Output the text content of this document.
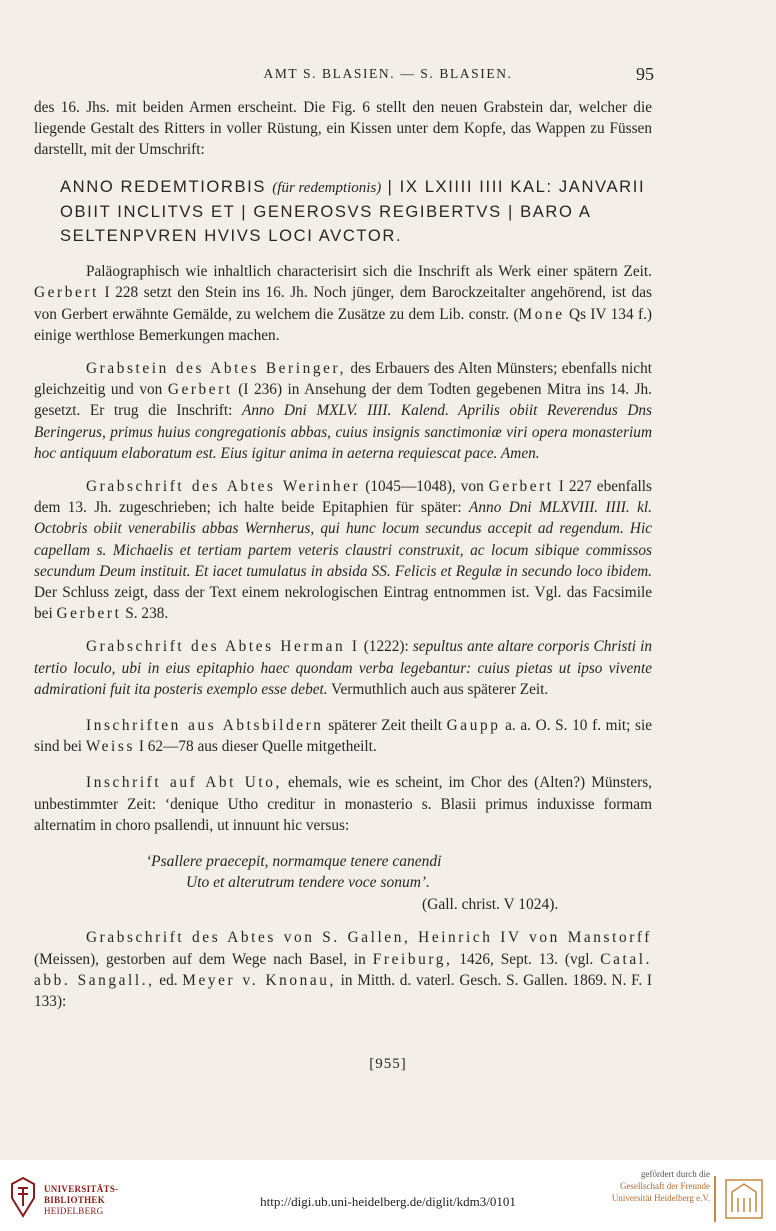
AMT S. BLASIEN. — S. BLASIEN.	95

des 16. Jhs. mit beiden Armen erscheint. Die Fig. 6 stellt den neuen Grabstein dar, welcher die liegende Gestalt des Ritters in voller Rüstung, ein Kissen unter dem Kopfe, das Wappen zu Füssen darstellt, mit der Umschrift:

ANNO REDEMTIORBIS (für redemptionis) | IX LXIIII IIII KAL: JANVARII OBIIT INCLITVS ET | GENEROSVS REGIBERTVS | BARO A SELTENPVREN HVIVS LOCI AVCTOR.

Paläographisch wie inhaltlich characterisirt sich die Inschrift als Werk einer spätern Zeit. Gerbert I 228 setzt den Stein ins 16. Jh. Noch jünger, dem Barockzeitalter angehörend, ist das von Gerbert erwähnte Gemälde, zu welchem die Zusätze zu dem Lib. constr. (Mone Qs IV 134 f.) einige werthlose Bemerkungen machen.

Grabstein des Abtes Beringer, des Erbauers des Alten Münsters; ebenfalls nicht gleichzeitig und von Gerbert (I 236) in Ansehung der dem Todten gegebenen Mitra ins 14. Jh. gesetzt. Er trug die Inschrift: Anno Dni MXLV. IIII. Kalend. Aprilis obiit Reverendus Dns Beringerus, primus huius congregationis abbas, cuius insignis sanctimoniæ viri opera monasterium hoc antiquum elaboratum est. Eius igitur anima in aeterna requiescat pace. Amen.

Grabschrift des Abtes Werinher (1045—1048), von Gerbert I 227 ebenfalls dem 13. Jh. zugeschrieben; ich halte beide Epitaphien für später: Anno Dni MLXVIII. IIII. kl. Octobris obiit venerabilis abbas Wernherus, qui hunc locum secundus accepit ad regendum. Hic capellam s. Michaelis et tertiam partem veteris claustri construxit, ac locum sibique commissos secundum Deum instituit. Et iacet tumulatus in absida SS. Felicis et Regulæ in secundo loco ibidem. Der Schluss zeigt, dass der Text einem nekrologischen Eintrag entnommen ist. Vgl. das Facsimile bei Gerbert S. 238.

Grabschrift des Abtes Herman I (1222): sepultus ante altare corporis Christi in tertio loculo, ubi in eius epitaphio haec quondam verba legebantur: cuius pietas ut ipso vivente admirationi fuit ita posteris exemplo esse debet. Vermuthlich auch aus späterer Zeit.

Inschriften aus Abtsbildern späterer Zeit theilt Gaupp a. a. O. S. 10 f. mit; sie sind bei Weiss I 62—78 aus dieser Quelle mitgetheilt.

Inschrift auf Abt Uto, ehemals, wie es scheint, im Chor des (Alten?) Münsters, unbestimmter Zeit: ‘denique Utho creditur in monasterio s. Blasii primus induxisse formam alternatim in choro psallendi, ut innuunt hic versus:

‘Psallere praecepit, normamque tenere canendi
Uto et alterutrum tendere voce sonum’.
(Gall. christ. V 1024).

Grabschrift des Abtes von S. Gallen, Heinrich IV von Manstorff (Meissen), gestorben auf dem Wege nach Basel, in Freiburg, 1426, Sept. 13. (vgl. Catal. abb. Sangall., ed. Meyer v. Knonau, in Mitth. d. vaterl. Gesch. S. Gallen. 1869. N. F. I 133):

[955]
UNIVERSITÄTS-
BIBLIOTHEK
HEIDELBERG
http://digi.ub.uni-heidelberg.de/diglit/kdm3/0101
gefördert durch die
Gesellschaft der Freunde
Universität Heidelberg e.V.
